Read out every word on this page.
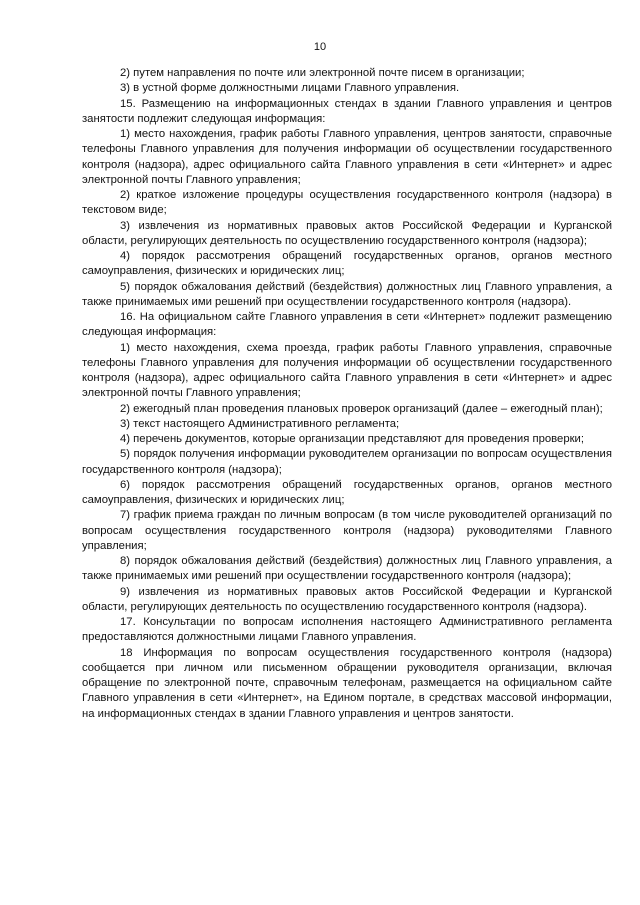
10

2) путем направления по почте или электронной почте писем в организации;

3) в устной форме должностными лицами Главного управления.

15. Размещению на информационных стендах в здании Главного управления и центров занятости подлежит следующая информация:

1) место нахождения, график работы Главного управления, центров занятости, справочные телефоны Главного управления для получения информации об осуществлении государственного контроля (надзора), адрес официального сайта Главного управления в сети «Интернет» и адрес электронной почты Главного управления;

2) краткое изложение процедуры осуществления государственного контроля (надзора) в текстовом виде;

3) извлечения из нормативных правовых актов Российской Федерации и Курганской области, регулирующих деятельность по осуществлению государственного контроля (надзора);

4) порядок рассмотрения обращений государственных органов, органов местного самоуправления, физических и юридических лиц;

5) порядок обжалования действий (бездействия) должностных лиц Главного управления, а также принимаемых ими решений при осуществлении государственного контроля (надзора).

16. На официальном сайте Главного управления в сети «Интернет» подлежит размещению следующая информация:

1) место нахождения, схема проезда, график работы Главного управления, справочные телефоны Главного управления для получения информации об осуществлении государственного контроля (надзора), адрес официального сайта Главного управления в сети «Интернет» и адрес электронной почты Главного управления;

2) ежегодный план проведения плановых проверок организаций (далее – ежегодный план);

3) текст настоящего Административного регламента;

4) перечень документов, которые организации представляют для проведения проверки;

5) порядок получения информации руководителем организации по вопросам осуществления государственного контроля (надзора);

6) порядок рассмотрения обращений государственных органов, органов местного самоуправления, физических и юридических лиц;

7) график приема граждан по личным вопросам (в том числе руководителей организаций по вопросам осуществления государственного контроля (надзора) руководителями Главного управления;

8) порядок обжалования действий (бездействия) должностных лиц Главного управления, а также принимаемых ими решений при осуществлении государственного контроля (надзора);

9) извлечения из нормативных правовых актов Российской Федерации и Курганской области, регулирующих деятельность по осуществлению государственного контроля (надзора).

17. Консультации по вопросам исполнения настоящего Административного регламента предоставляются должностными лицами Главного управления.

18 Информация по вопросам осуществления государственного контроля (надзора) сообщается при личном или письменном обращении руководителя организации, включая обращение по электронной почте, справочным телефонам, размещается на официальном сайте Главного управления в сети «Интернет», на Едином портале, в средствах массовой информации, на информационных стендах в здании Главного управления и центров занятости.
